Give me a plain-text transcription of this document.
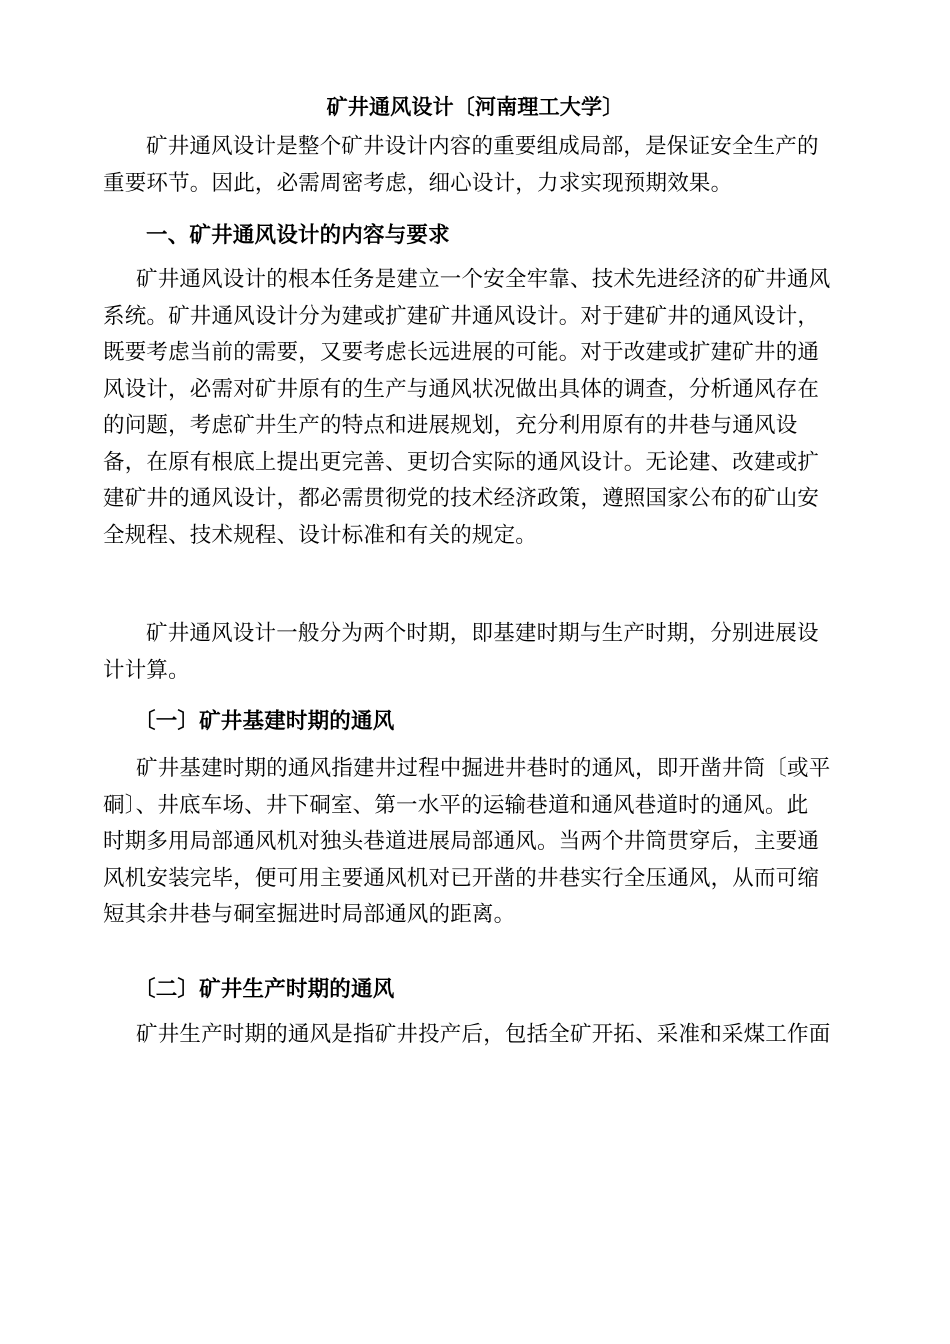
矿井通风设计〔河南理工大学〕
矿井通风设计是整个矿井设计内容的重要组成局部，是保证安全生产的
重要环节。因此，必需周密考虑，细心设计，力求实现预期效果。
一、矿井通风设计的内容与要求
矿井通风设计的根本任务是建立一个安全牢靠、技术先进经济的矿井通风
系统。矿井通风设计分为建或扩建矿井通风设计。对于建矿井的通风设计，
既要考虑当前的需要，又要考虑长远进展的可能。对于改建或扩建矿井的通
风设计，必需对矿井原有的生产与通风状况做出具体的调查，分析通风存在
的问题，考虑矿井生产的特点和进展规划，充分利用原有的井巷与通风设
备，在原有根底上提出更完善、更切合实际的通风设计。无论建、改建或扩
建矿井的通风设计，都必需贯彻党的技术经济政策，遵照国家公布的矿山安
全规程、技术规程、设计标准和有关的规定。
矿井通风设计一般分为两个时期，即基建时期与生产时期，分别进展设
计计算。
〔一〕矿井基建时期的通风
矿井基建时期的通风指建井过程中掘进井巷时的通风，即开凿井筒〔或平
硐〕、井底车场、井下硐室、第一水平的运输巷道和通风巷道时的通风。此
时期多用局部通风机对独头巷道进展局部通风。当两个井筒贯穿后，主要通
风机安装完毕，便可用主要通风机对已开凿的井巷实行全压通风，从而可缩
短其余井巷与硐室掘进时局部通风的距离。
〔二〕矿井生产时期的通风
矿井生产时期的通风是指矿井投产后，包括全矿开拓、采准和采煤工作面
